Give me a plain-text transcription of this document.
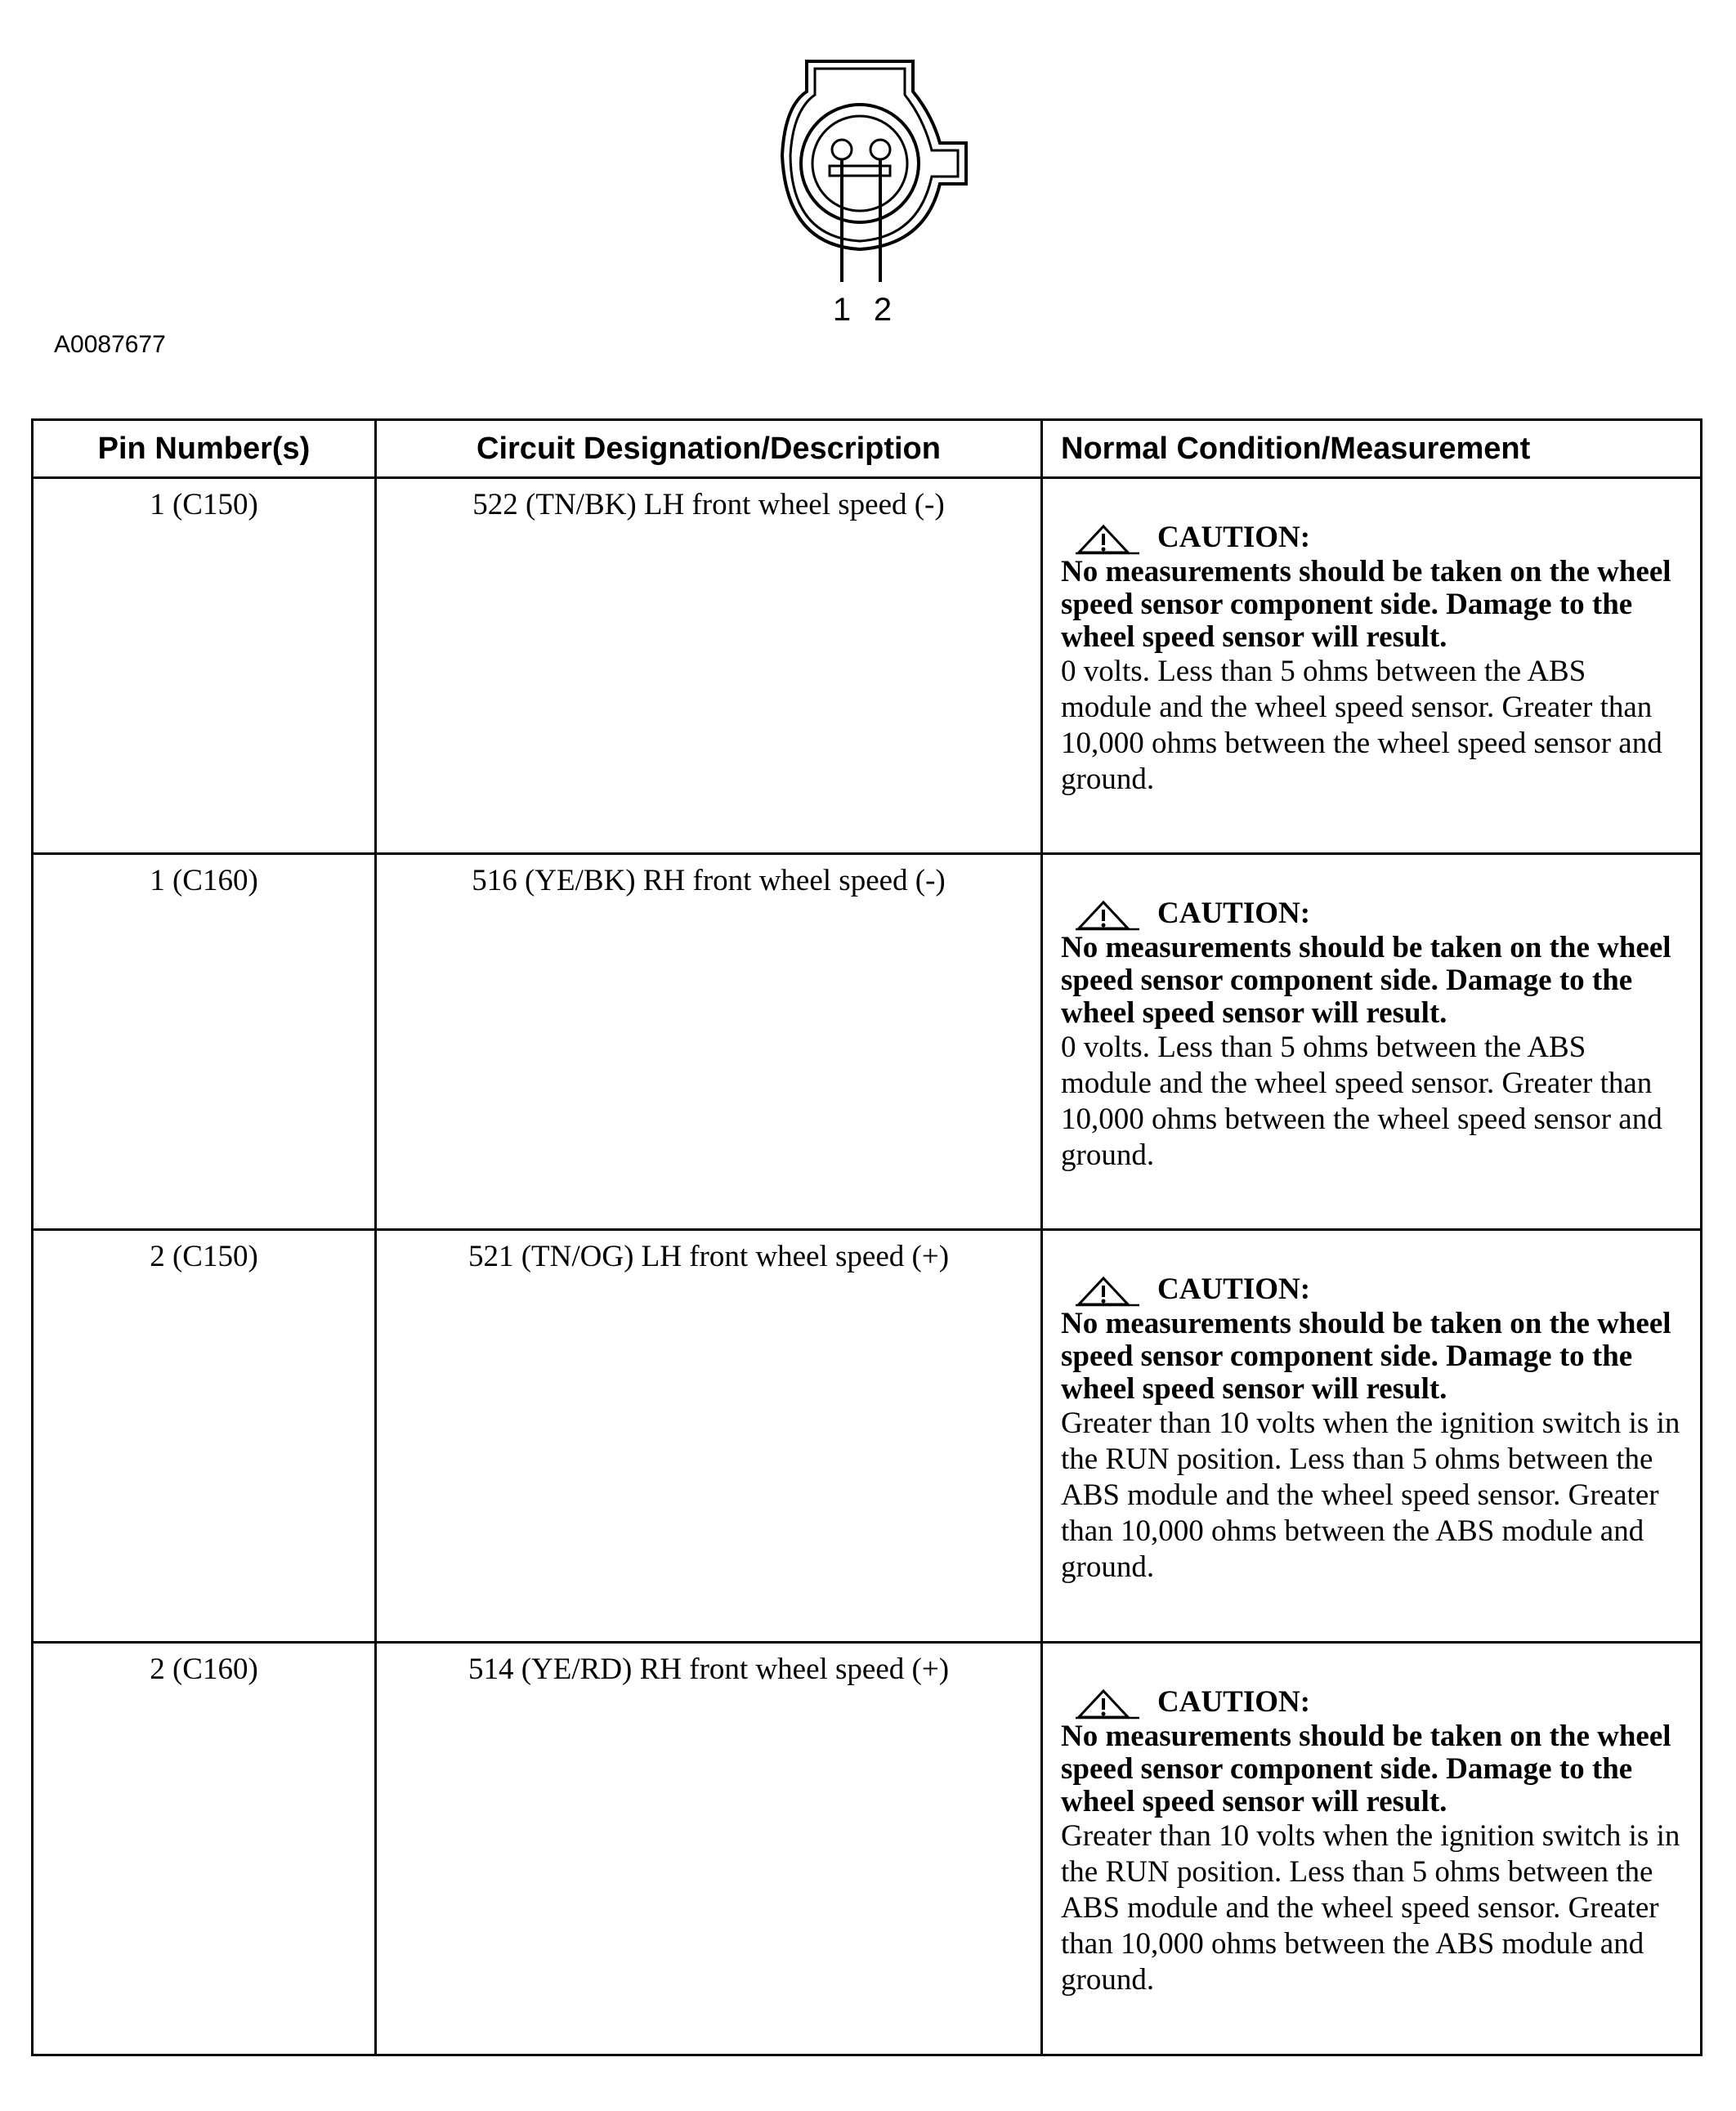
1 2
A0087677
Pin Number(s)	Circuit Designation/Description	Normal Condition/Measurement
1 (C150)	522 (TN/BK) LH front wheel speed (-)	CAUTION:
No measurements should be taken on the wheel speed sensor component side. Damage to the wheel speed sensor will result.
0 volts. Less than 5 ohms between the ABS module and the wheel speed sensor. Greater than 10,000 ohms between the wheel speed sensor and ground.

1 (C160)	516 (YE/BK) RH front wheel speed (-)	CAUTION:
No measurements should be taken on the wheel speed sensor component side. Damage to the wheel speed sensor will result.
0 volts. Less than 5 ohms between the ABS module and the wheel speed sensor. Greater than 10,000 ohms between the wheel speed sensor and ground.

2 (C150)	521 (TN/OG) LH front wheel speed (+)	CAUTION:
No measurements should be taken on the wheel speed sensor component side. Damage to the wheel speed sensor will result.
Greater than 10 volts when the ignition switch is in the RUN position. Less than 5 ohms between the ABS module and the wheel speed sensor. Greater than 10,000 ohms between the ABS module and ground.

2 (C160)	514 (YE/RD) RH front wheel speed (+)	CAUTION:
No measurements should be taken on the wheel speed sensor component side. Damage to the wheel speed sensor will result.
Greater than 10 volts when the ignition switch is in the RUN position. Less than 5 ohms between the ABS module and the wheel speed sensor. Greater than 10,000 ohms between the ABS module and ground.
